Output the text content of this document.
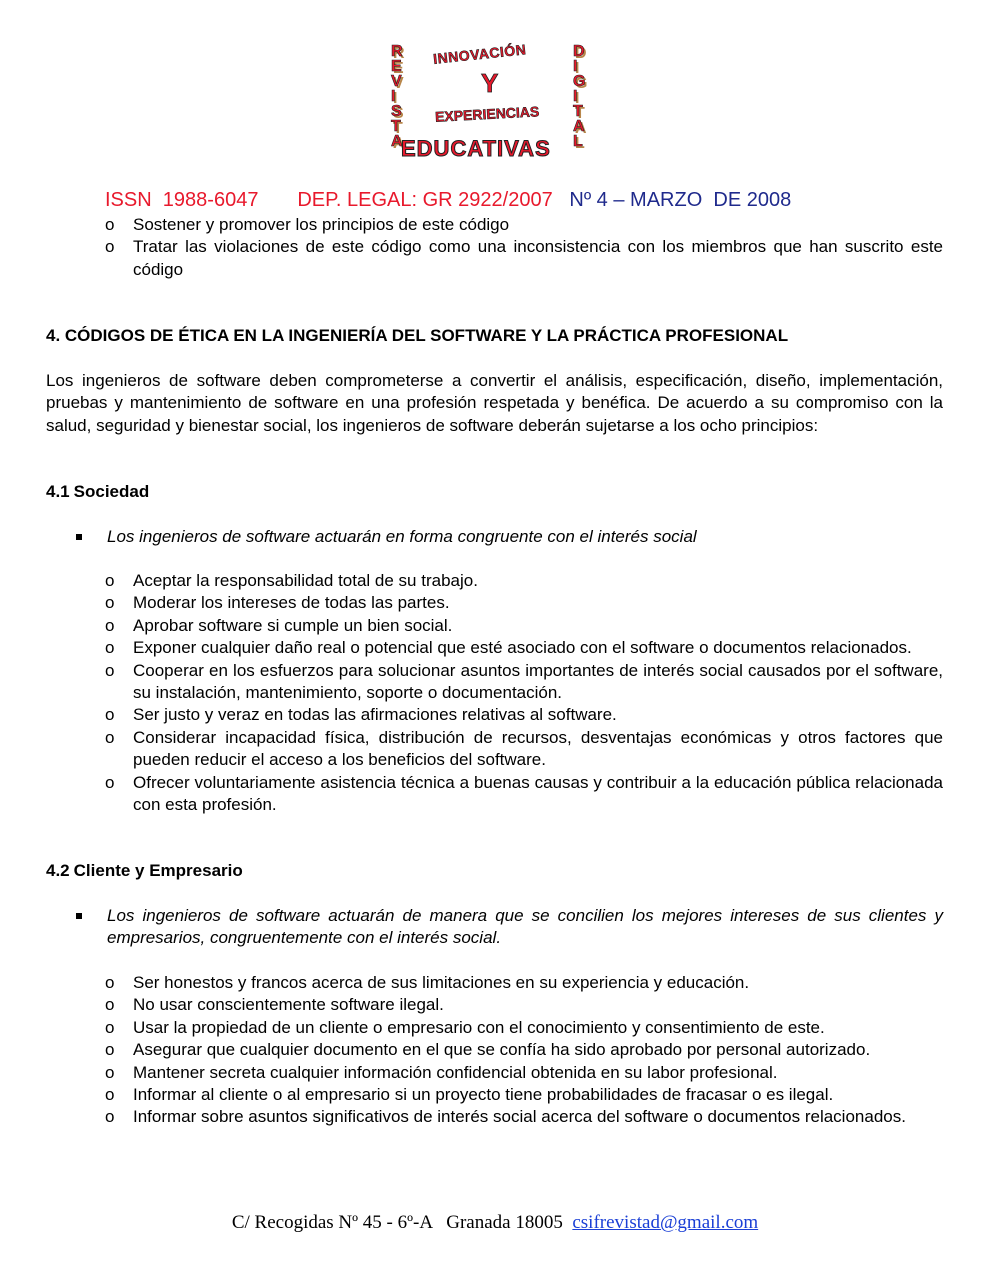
R
E
V
I
S
T
A
D
I
G
I
T
A
L
INNOVACIÓN
Y
EXPERIENCIAS
EDUCATIVAS
ISSN  1988-6047 DEP. LEGAL: GR 2922/2007 Nº 4 – MARZO  DE 2008
o Sostener y promover los principios de este código
o Tratar las violaciones de este código como una inconsistencia con los miembros que han suscrito este código

4. CÓDIGOS DE ÉTICA EN LA INGENIERÍA DEL SOFTWARE Y LA PRÁCTICA PROFESIONAL

Los ingenieros de software deben comprometerse a convertir el análisis, especificación, diseño, implementación, pruebas y mantenimiento de software en una profesión respetada y benéfica. De acuerdo a su compromiso con la salud, seguridad y bienestar social, los ingenieros de software deberán sujetarse a los ocho principios:

4.1 Sociedad

Los ingenieros de software actuarán en forma congruente con el interés social
o Aceptar la responsabilidad total de su trabajo.
o Moderar los intereses de todas las partes.
o Aprobar software si cumple un bien social.
o Exponer cualquier daño real o potencial que esté asociado con el software o documentos relacionados.
o Cooperar en los esfuerzos para solucionar asuntos importantes de interés social causados por el software, su instalación, mantenimiento, soporte o documentación.
o Ser justo y veraz en todas las afirmaciones relativas al software.
o Considerar incapacidad física, distribución de recursos, desventajas económicas y otros factores que pueden reducir el acceso a los beneficios del software.
o Ofrecer voluntariamente asistencia técnica a buenas causas y contribuir a la educación pública relacionada con esta profesión.

4.2 Cliente y Empresario

Los ingenieros de software actuarán de manera que se concilien los mejores intereses de sus clientes y empresarios, congruentemente con el interés social.
o Ser honestos y francos acerca de sus limitaciones en su experiencia y educación.
o No usar conscientemente software ilegal.
o Usar la propiedad de un cliente o empresario con el conocimiento y consentimiento de este.
o Asegurar que cualquier documento en el que se confía ha sido aprobado por personal autorizado.
o Mantener secreta cualquier información confidencial obtenida en su labor profesional.
o Informar al cliente o al empresario si un proyecto tiene probabilidades de fracasar o es ilegal.
o Informar sobre asuntos significativos de interés social acerca del software o documentos relacionados.
C/ Recogidas Nº 45 - 6º-A   Granada 18005 csifrevistad@gmail.com
